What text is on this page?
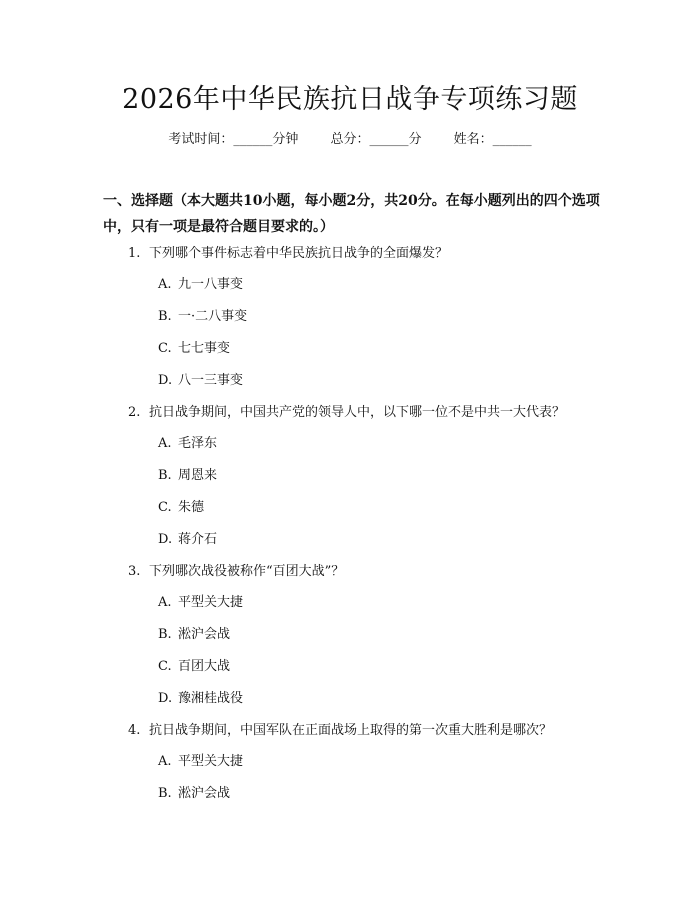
2026年中华民族抗日战争专项练习题
考试时间：______分钟 总分：______分 姓名：______
一、选择题（本大题共10小题，每小题2分，共20分。在每小题列出的四个选项中，只有一项是最符合题目要求的。）
1. 下列哪个事件标志着中华民族抗日战争的全面爆发？
A. 九一八事变
B. 一·二八事变
C. 七七事变
D. 八一三事变
2. 抗日战争期间，中国共产党的领导人中，以下哪一位不是中共一大代表？
A. 毛泽东
B. 周恩来
C. 朱德
D. 蒋介石
3. 下列哪次战役被称作“百团大战”？
A. 平型关大捷
B. 淞沪会战
C. 百团大战
D. 豫湘桂战役
4. 抗日战争期间，中国军队在正面战场上取得的第一次重大胜利是哪次？
A. 平型关大捷
B. 淞沪会战
